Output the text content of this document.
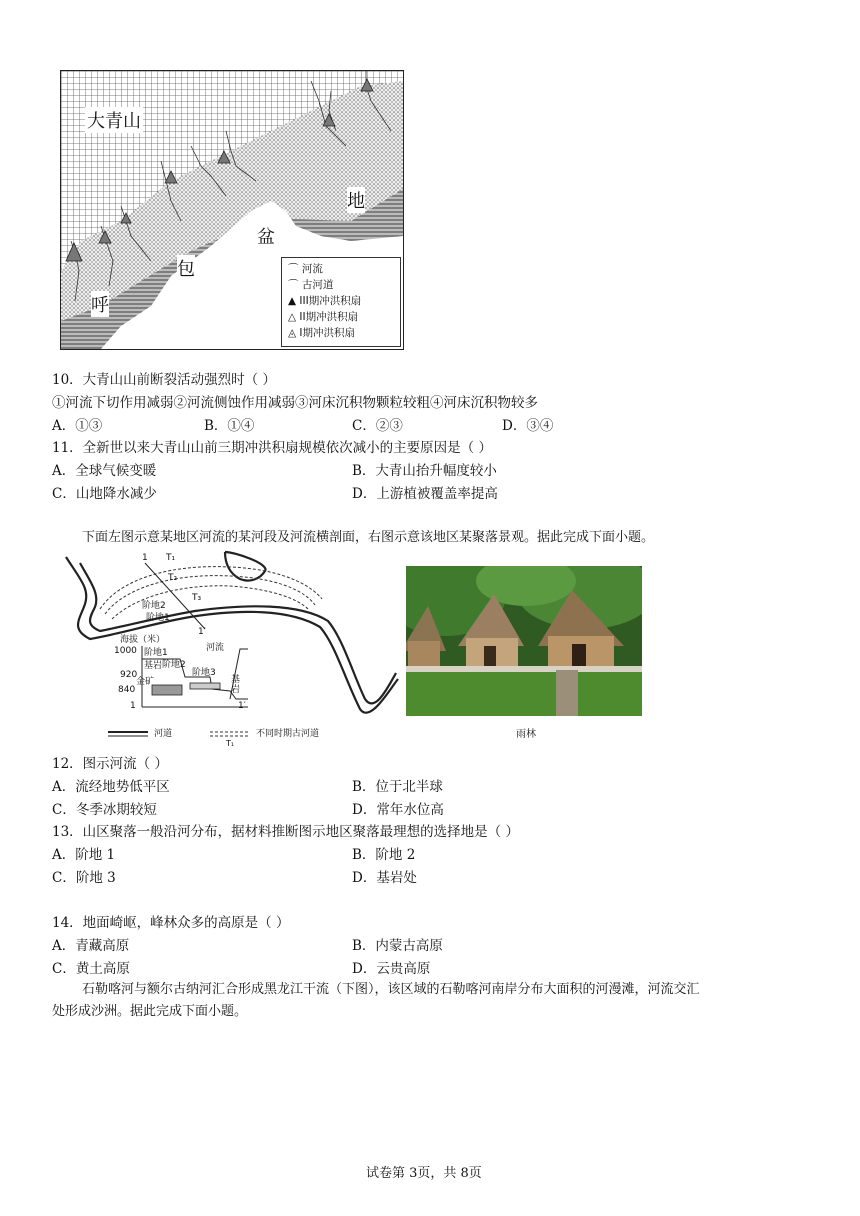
大青山
地
盆
包
呼
⌒ 河流
⌒ 古河道
▲ III期冲洪积扇
△ II期冲洪积扇
◬ I期冲洪积扇
10．大青山山前断裂活动强烈时（ ）
①河流下切作用减弱②河流侧蚀作用减弱③河床沉积物颗粒较粗④河床沉积物较多
A．①③	B．①④	C．②③	D．③④
11．全新世以来大青山山前三期冲洪积扇规模依次减小的主要原因是（ ）
A．全球气候变暖	B．大青山抬升幅度较小
C．山地降水减少	D．上游植被覆盖率提高
下面左图示意某地区河流的某河段及河流横剖面，右图示意该地区某聚落景观。据此完成下面小题。
1 T₁
T₂
T₃
阶地2
阶地1
1′
海拔（米）
1000
920
840
基岩
阶地1
阶地2
阶地3
河流
金矿	基岩
1	1′
河道	不同时期古河道
T₁
雨林
12．图示河流（ ）
A．流经地势低平区	B．位于北半球
C．冬季冰期较短	D．常年水位高
13．山区聚落一般沿河分布，据材料推断图示地区聚落最理想的选择地是（ ）
A．阶地 1	B．阶地 2
C．阶地 3	D．基岩处
14．地面崎岖，峰林众多的高原是（ ）
A．青藏高原	B．内蒙古高原
C．黄土高原	D．云贵高原
石勒喀河与额尔古纳河汇合形成黑龙江干流（下图），该区域的石勒喀河南岸分布大面积的河漫滩，河流交汇
处形成沙洲。据此完成下面小题。
试卷第 3页，共 8页
